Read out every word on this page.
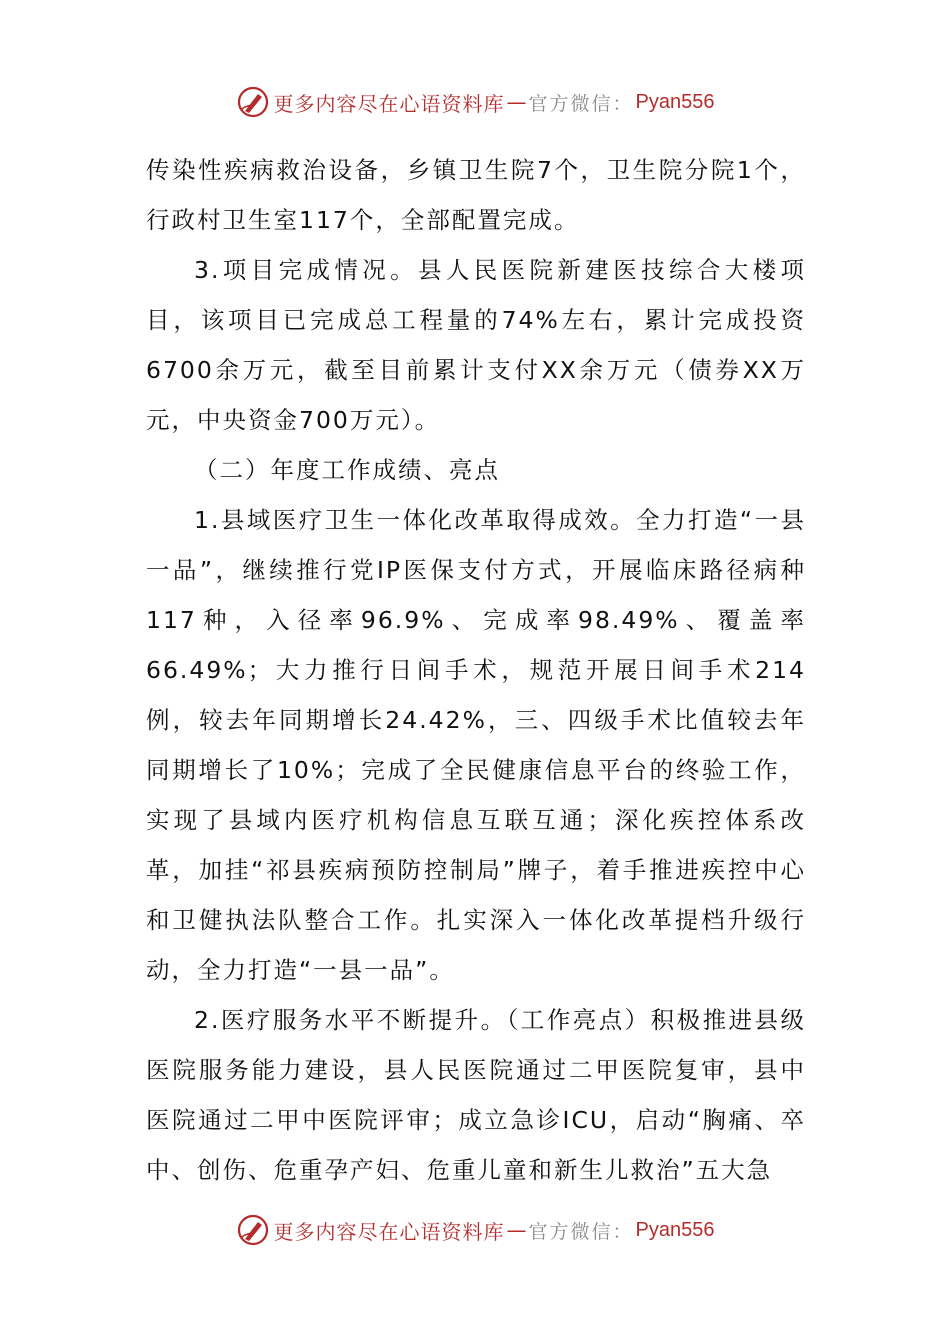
更多内容尽在心语资料库 — 官方微信： Pyan556

传染性疾病救治设备，乡镇卫生院7个，卫生院分院1个，行政村卫生室117个，全部配置完成。

3.项目完成情况。县人民医院新建医技综合大楼项目，该项目已完成总工程量的74%左右，累计完成投资6700余万元，截至目前累计支付XX余万元（债券XX万元，中央资金700万元）。

（二）年度工作成绩、亮点

1.县域医疗卫生一体化改革取得成效。全力打造“一县一品”，继续推行党IP医保支付方式，开展临床路径病种117种，入径率96.9%、完成率98.49%、覆盖率66.49%；大力推行日间手术，规范开展日间手术214例，较去年同期增长24.42%，三、四级手术比值较去年同期增长了10%；完成了全民健康信息平台的终验工作，实现了县域内医疗机构信息互联互通；深化疾控体系改革，加挂“祁县疾病预防控制局”牌子，着手推进疾控中心和卫健执法队整合工作。扎实深入一体化改革提档升级行动，全力打造“一县一品”。

2.医疗服务水平不断提升。（工作亮点）积极推进县级医院服务能力建设，县人民医院通过二甲医院复审，县中医院通过二甲中医院评审；成立急诊ICU，启动“胸痛、卒中、创伤、危重孕产妇、危重儿童和新生儿救治”五大急

更多内容尽在心语资料库 — 官方微信： Pyan556
